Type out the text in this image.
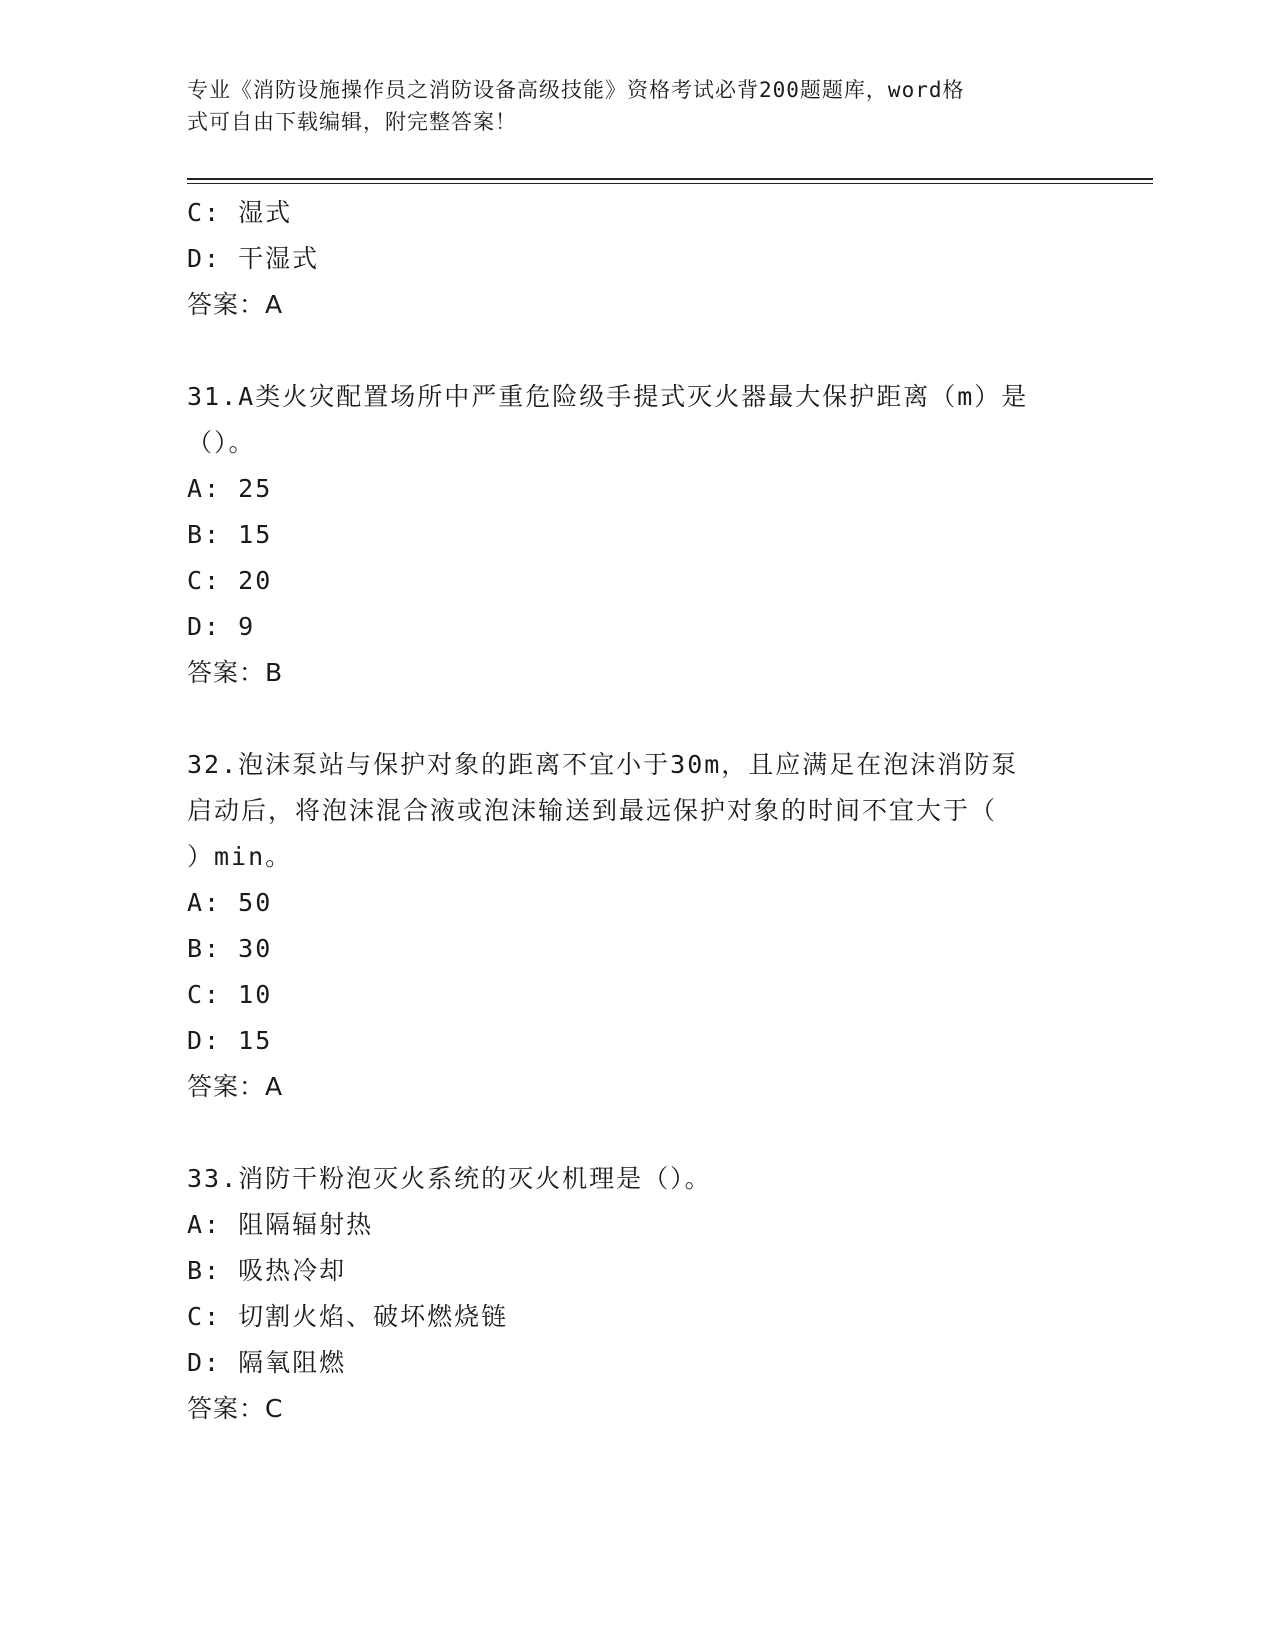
专业《消防设施操作员之消防设备高级技能》资格考试必背200题题库，word格
式可自由下载编辑，附完整答案！
C: 湿式
D: 干湿式
答案：A
31.A类火灾配置场所中严重危险级手提式灭火器最大保护距离（m）是
（）。
A: 25
B: 15
C: 20
D: 9
答案：B
32.泡沫泵站与保护对象的距离不宜小于30m，且应满足在泡沫消防泵
启动后，将泡沫混合液或泡沫输送到最远保护对象的时间不宜大于（
）min。
A: 50
B: 30
C: 10
D: 15
答案：A
33.消防干粉泡灭火系统的灭火机理是（）。
A: 阻隔辐射热
B: 吸热冷却
C: 切割火焰、破坏燃烧链
D: 隔氧阻燃
答案：C
